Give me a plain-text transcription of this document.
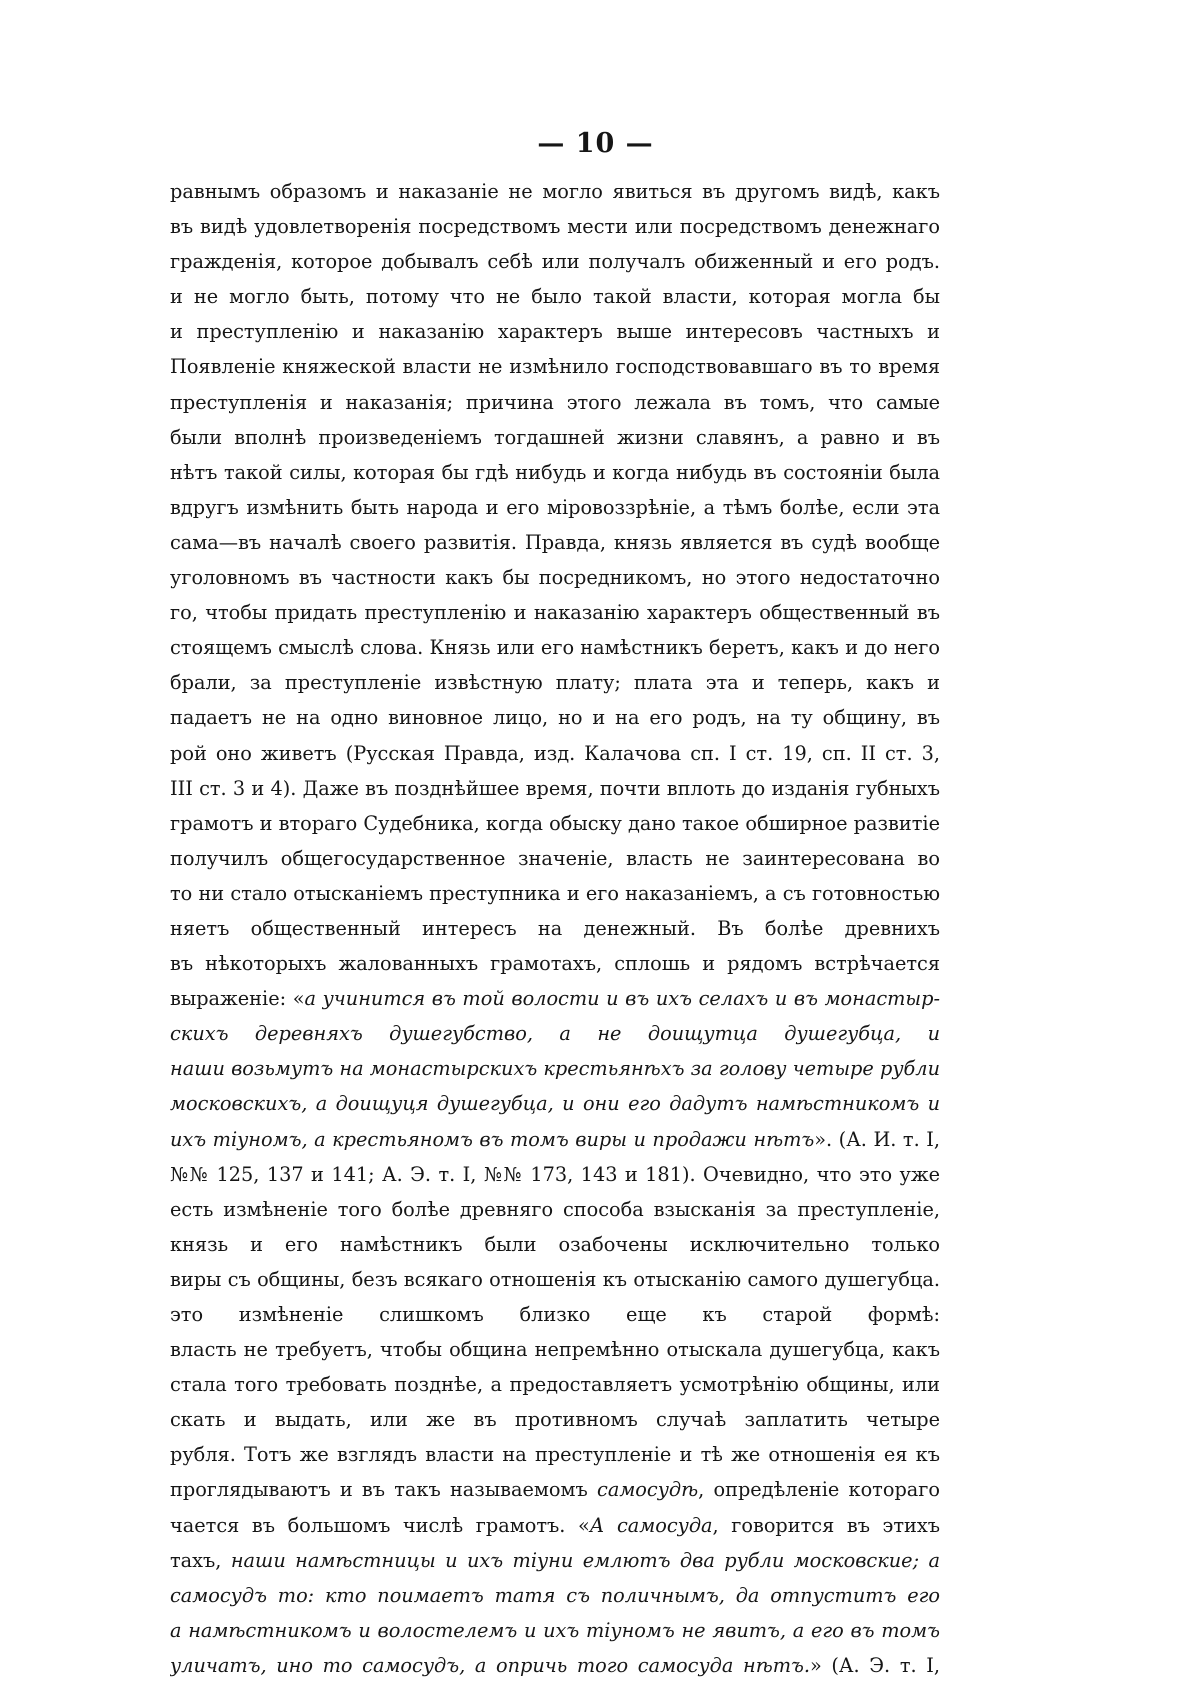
— 10 —
равнымъ образомъ и наказаніе не могло явиться въ другомъ видѣ, какъ
въ видѣ удовлетворенія посредствомъ мести или посредствомъ денежнаго
гражденія, которое добывалъ себѣ или получалъ обиженный и его родъ.
и не могло быть, потому что не было такой власти, которая могла бы
и преступленію и наказанію характеръ выше интересовъ частныхъ и
Появленіе княжеской власти не измѣнило господствовавшаго въ то время
преступленія и наказанія; причина этого лежала въ томъ, что самые
были вполнѣ произведеніемъ тогдашней жизни славянъ, а равно и въ
нѣтъ такой силы, которая бы гдѣ нибудь и когда нибудь въ состояніи была
вдругъ измѣнить быть народа и его міровоззрѣніе, а тѣмъ болѣе, если эта
сама—въ началѣ своего развитія. Правда, князь является въ судѣ вообще
уголовномъ въ частности какъ бы посредникомъ, но этого недостаточно
го, чтобы придать преступленію и наказанію характеръ общественный въ
стоящемъ смыслѣ слова. Князь или его намѣстникъ беретъ, какъ и до него
брали, за преступленіе извѣстную плату; плата эта и теперь, какъ и
падаетъ не на одно виновное лицо, но и на его родъ, на ту общину, въ
рой оно живетъ (Русская Правда, изд. Калачова сп. I ст. 19, сп. II ст. 3,
III ст. 3 и 4). Даже въ позднѣйшее время, почти вплоть до изданія губныхъ
грамотъ и втораго Судебника, когда обыску дано такое обширное развитіе
получилъ общегосударственное значеніе, власть не заинтересована во
то ни стало отысканіемъ преступника и его наказаніемъ, а съ готовностью
няетъ общественный интересъ на денежный. Въ болѣе древнихъ
въ нѣкоторыхъ жалованныхъ грамотахъ, сплошь и рядомъ встрѣчается
выраженіе: «а учинится въ той волости и въ ихъ селахъ и въ монастыр-
скихъ деревняхъ душегубство, а не доищутца душегубца, и
наши возьмутъ на монастырскихъ крестьянѣхъ за голову четыре рубли
московскихъ, а доищуця душегубца, и они его дадутъ намѣстникомъ и
ихъ тіуномъ, а крестьяномъ въ томъ виры и продажи нѣтъ». (А. И. т. I,
№№ 125, 137 и 141; А. Э. т. I, №№ 173, 143 и 181). Очевидно, что это уже
есть измѣненіе того болѣе древняго способа взысканія за преступленіе,
князь и его намѣстникъ были озабочены исключительно только
виры съ общины, безъ всякаго отношенія къ отысканію самого душегубца.
это измѣненіе слишкомъ близко еще къ старой формѣ:
власть не требуетъ, чтобы община непремѣнно отыскала душегубца, какъ
стала того требовать позднѣе, а предоставляетъ усмотрѣнію общины, или
скать и выдать, или же въ противномъ случаѣ заплатить четыре
рубля. Тотъ же взглядъ власти на преступленіе и тѣ же отношенія ея къ
проглядываютъ и въ такъ называемомъ самосудѣ, опредѣленіе котораго
чается въ большомъ числѣ грамотъ. «А самосуда, говорится въ этихъ
тахъ, наши намѣстницы и ихъ тіуни емлютъ два рубли московские; а
самосудъ то: кто поимаетъ татя съ поличнымъ, да отпуститъ его
а намѣстникомъ и волостелемъ и ихъ тіуномъ не явитъ, а его въ томъ
уличатъ, ино то самосудъ, а опричь того самосуда нѣтъ.» (А. Э. т. I,
